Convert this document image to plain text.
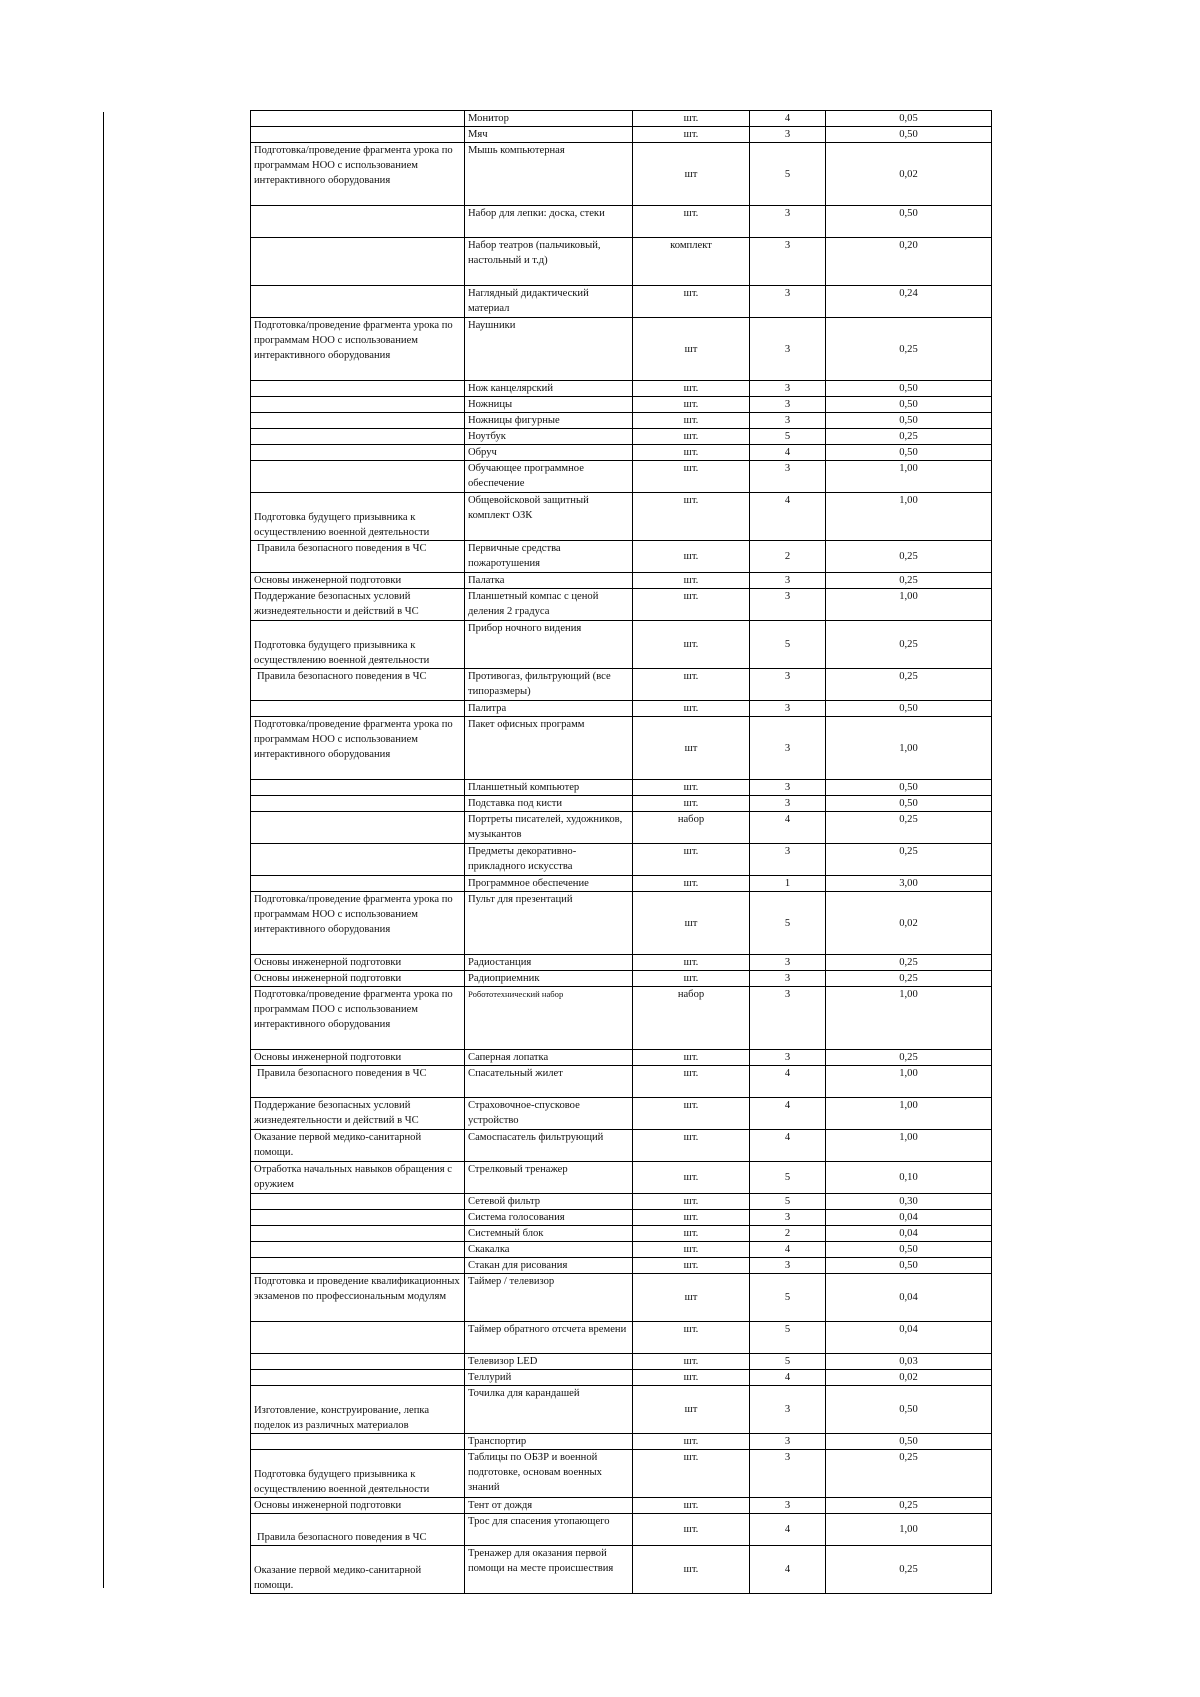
	Монитор	шт.	4	0,05
	Мяч	шт.	3	0,50
Подготовка/проведение фрагмента урока по программам НОО с использованием интерактивного оборудования	Мышь компьютерная	шт	5	0,02
	Набор для лепки: доска, стеки	шт.	3	0,50
	Набор театров (пальчиковый, настольный и т.д)	комплект	3	0,20
	Наглядный дидактический материал	шт.	3	0,24
Подготовка/проведение фрагмента урока по программам НОО с использованием интерактивного оборудования	Наушники	шт	3	0,25
	Нож канцелярский	шт.	3	0,50
	Ножницы	шт.	3	0,50
	Ножницы фигурные	шт.	3	0,50
	Ноутбук	шт.	5	0,25
	Обруч	шт.	4	0,50
	Обучающее программное обеспечение	шт.	3	1,00
Подготовка будущего призывника к осуществлению военной деятельности	Общевойсковой защитный комплект ОЗК	шт.	4	1,00
Правила безопасного поведения в ЧС	Первичные средства пожаротушения	шт.	2	0,25
Основы инженерной подготовки	Палатка	шт.	3	0,25
Поддержание безопасных условий жизнедеятельности и действий в ЧС	Планшетный компас с ценой деления 2 градуса	шт.	3	1,00
Подготовка будущего призывника к осуществлению военной деятельности	Прибор ночного видения	шт.	5	0,25
Правила безопасного поведения в ЧС	Противогаз, фильтрующий (все типоразмеры)	шт.	3	0,25
	Палитра	шт.	3	0,50
Подготовка/проведение фрагмента урока по программам НОО с использованием интерактивного оборудования	Пакет офисных программ	шт	3	1,00
	Планшетный компьютер	шт.	3	0,50
	Подставка под кисти	шт.	3	0,50
	Портреты писателей, художников, музыкантов	набор	4	0,25
	Предметы декоративно-прикладного искусства	шт.	3	0,25
	Программное обеспечение	шт.	1	3,00
Подготовка/проведение фрагмента урока по программам НОО с использованием интерактивного оборудования	Пульт для презентаций	шт	5	0,02
Основы инженерной подготовки	Радиостанция	шт.	3	0,25
Основы инженерной подготовки	Радиоприемник	шт.	3	0,25
Подготовка/проведение фрагмента урока по программам ПОО с использованием интерактивного оборудования	Робототехнический набор	набор	3	1,00
Основы инженерной подготовки	Саперная лопатка	шт.	3	0,25
Правила безопасного поведения в ЧС	Спасательный жилет	шт.	4	1,00
Поддержание безопасных условий жизнедеятельности и действий в ЧС	Страховочное-спусковое устройство	шт.	4	1,00
Оказание первой медико-санитарной помощи.	Самоспасатель фильтрующий	шт.	4	1,00
Отработка начальных навыков обращения с оружием	Стрелковый тренажер	шт.	5	0,10
	Сетевой фильтр	шт.	5	0,30
	Система голосования	шт.	3	0,04
	Системный блок	шт.	2	0,04
	Скакалка	шт.	4	0,50
	Стакан для рисования	шт.	3	0,50
Подготовка и проведение квалификационных экзаменов по профессиональным модулям	Таймер / телевизор	шт	5	0,04
	Таймер обратного отсчета времени	шт.	5	0,04
	Телевизор LED	шт.	5	0,03
	Теллурий	шт.	4	0,02
Изготовление, конструирование, лепка поделок из различных материалов	Точилка для карандашей	шт	3	0,50
	Транспортир	шт.	3	0,50
Подготовка будущего призывника к осуществлению военной деятельности	Таблицы по ОБЗР и военной подготовке, основам военных знаний	шт.	3	0,25
Основы инженерной подготовки	Тент от дождя	шт.	3	0,25
Правила безопасного поведения в ЧС	Трос для спасения утопающего	шт.	4	1,00
Оказание первой медико-санитарной помощи.	Тренажер для оказания первой помощи на месте происшествия	шт.	4	0,25
